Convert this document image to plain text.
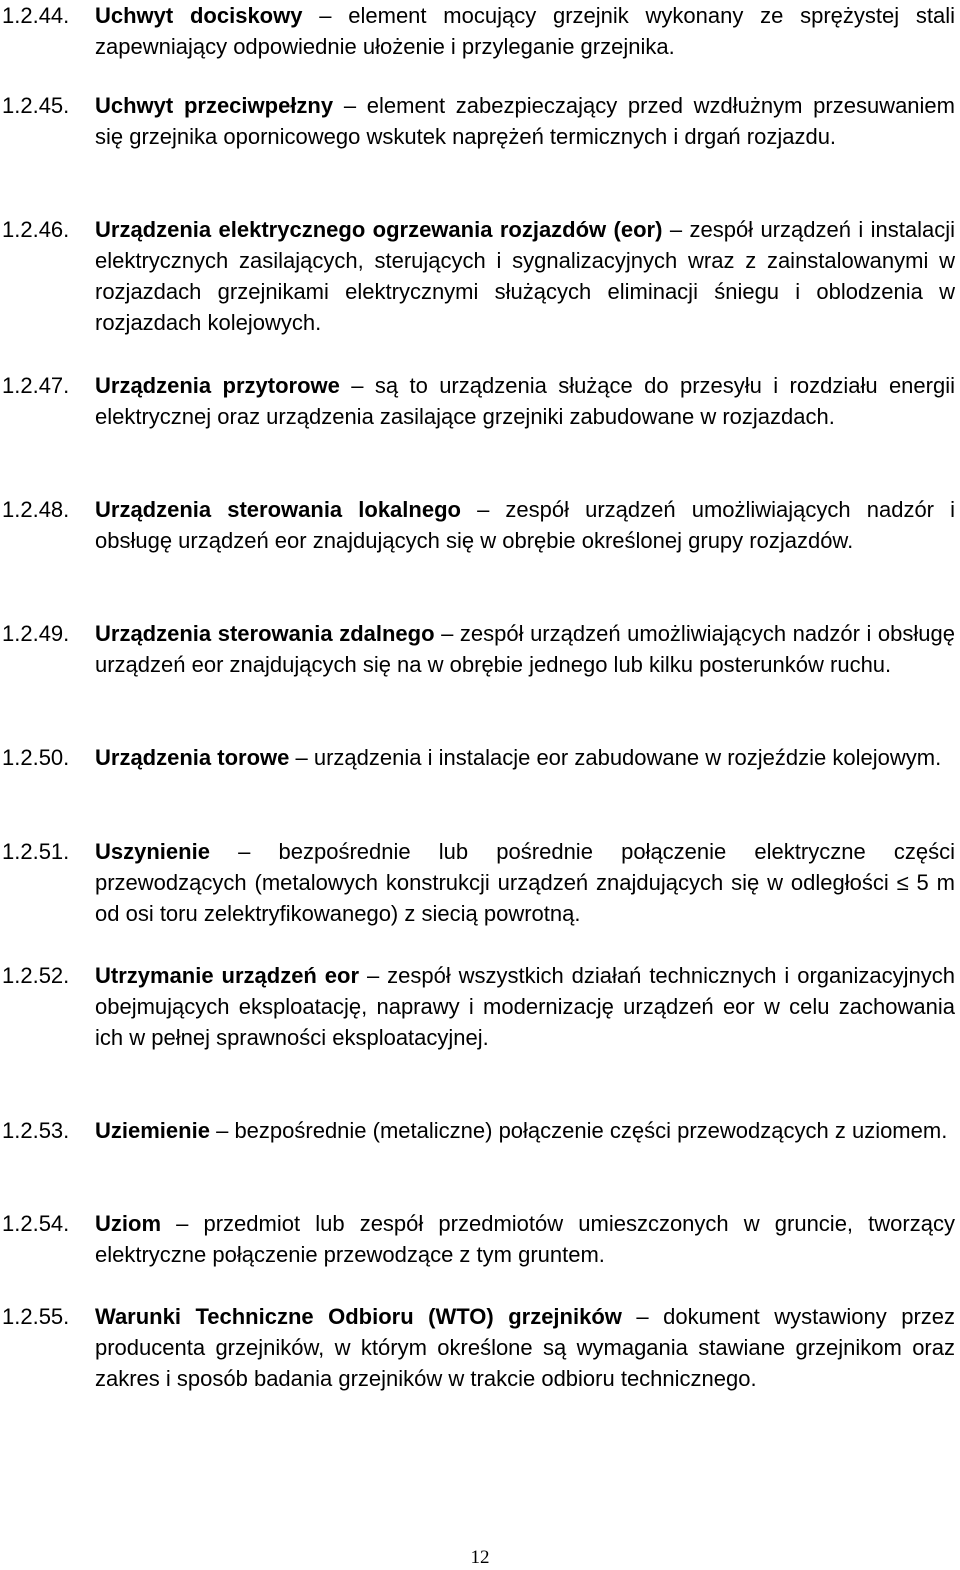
1.2.44.	Uchwyt dociskowy – element mocujący grzejnik wykonany ze sprężystej stali zapewniający odpowiednie ułożenie i przyleganie grzejnika.
1.2.45.	Uchwyt przeciwpełzny – element zabezpieczający przed wzdłużnym przesuwaniem się grzejnika opornicowego wskutek naprężeń termicznych i drgań rozjazdu.
1.2.46.	Urządzenia elektrycznego ogrzewania rozjazdów (eor) – zespół urządzeń i instalacji elektrycznych zasilających, sterujących i sygnalizacyjnych wraz z zainstalowanymi w rozjazdach grzejnikami elektrycznymi służących eliminacji śniegu i oblodzenia w rozjazdach kolejowych.
1.2.47.	Urządzenia przytorowe – są to urządzenia służące do przesyłu i rozdziału energii elektrycznej oraz urządzenia zasilające grzejniki zabudowane w rozjazdach.
1.2.48.	Urządzenia sterowania lokalnego – zespół urządzeń umożliwiających nadzór i obsługę urządzeń eor znajdujących się w obrębie określonej grupy rozjazdów.
1.2.49.	Urządzenia sterowania zdalnego – zespół urządzeń umożliwiających nadzór i obsługę urządzeń eor znajdujących się na w obrębie jednego lub kilku posterunków ruchu.
1.2.50.	Urządzenia torowe – urządzenia i instalacje eor zabudowane w rozjeździe kolejowym.
1.2.51.	Uszynienie – bezpośrednie lub pośrednie połączenie elektryczne części przewodzących (metalowych konstrukcji urządzeń znajdujących się w odległości ≤ 5 m od osi toru zelektryfikowanego) z siecią powrotną.
1.2.52.	Utrzymanie urządzeń eor – zespół wszystkich działań technicznych i organizacyjnych obejmujących eksploatację, naprawy i modernizację urządzeń eor w celu zachowania ich w pełnej sprawności eksploatacyjnej.
1.2.53.	Uziemienie – bezpośrednie (metaliczne) połączenie części przewodzących z uziomem.
1.2.54.	Uziom – przedmiot lub zespół przedmiotów umieszczonych w gruncie, tworzący elektryczne połączenie przewodzące z tym gruntem.
1.2.55.	Warunki Techniczne Odbioru (WTO) grzejników – dokument wystawiony przez producenta grzejników, w którym określone są wymagania stawiane grzejnikom oraz zakres i sposób badania grzejników w trakcie odbioru technicznego.
12
